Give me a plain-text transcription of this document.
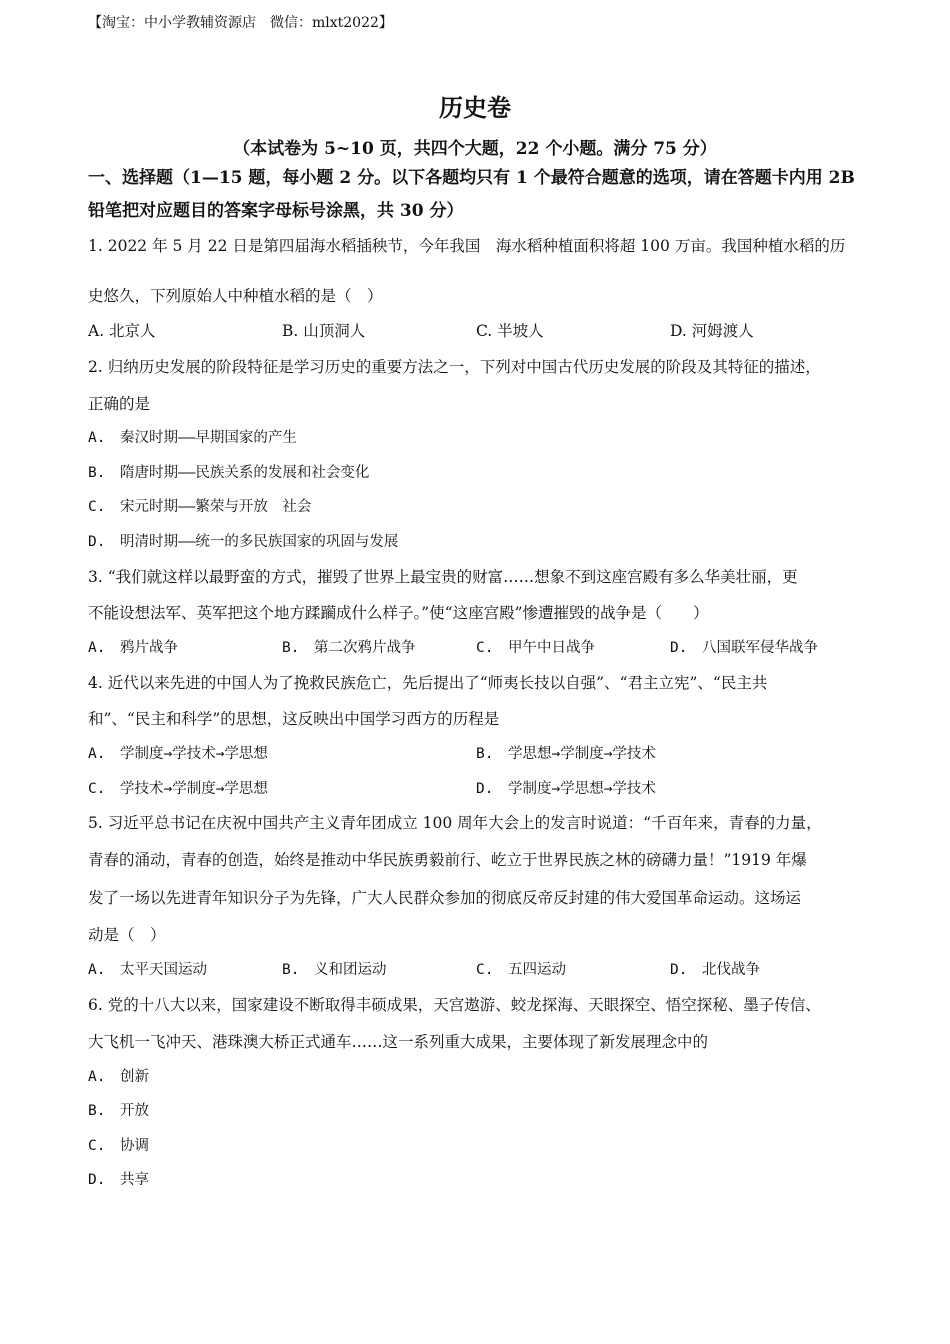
【淘宝：中小学教辅资源店　微信：mlxt2022】
历史卷
（本试卷为 5~10 页，共四个大题，22 个小题。满分 75 分）
一、选择题（1—15 题，每小题 2 分。以下各题均只有 1 个最符合题意的选项，请在答题卡内用 2B 铅笔把对应题目的答案字母标号涂黑，共 30 分）
1. 2022 年 5 月 22 日是第四届海水稻插秧节，今年我国　海水稻种植面积将超 100 万亩。我国种植水稻的历
史悠久，下列原始人中种植水稻的是（　）
A. 北京人	B. 山顶洞人	C. 半坡人	D. 河姆渡人
2. 归纳历史发展的阶段特征是学习历史的重要方法之一，下列对中国古代历史发展的阶段及其特征的描述，
正确的是
A.　秦汉时期——早期国家的产生
B.　隋唐时期——民族关系的发展和社会变化
C.　宋元时期——繁荣与开放　社会
D.　明清时期——统一的多民族国家的巩固与发展
3. “我们就这样以最野蛮的方式，摧毁了世界上最宝贵的财富……想象不到这座宫殿有多么华美壮丽，更
不能设想法军、英军把这个地方蹂躏成什么样子。”使“这座宫殿”惨遭摧毁的战争是（　　）
A.　鸦片战争	B.　第二次鸦片战争	C.　甲午中日战争	D.　八国联军侵华战争
4. 近代以来先进的中国人为了挽救民族危亡，先后提出了“师夷长技以自强”、“君主立宪”、“民主共
和”、“民主和科学”的思想，这反映出中国学习西方的历程是
A.　学制度→学技术→学思想	B.　学思想→学制度→学技术
C.　学技术→学制度→学思想	D.　学制度→学思想→学技术
5. 习近平总书记在庆祝中国共产主义青年团成立 100 周年大会上的发言时说道：“千百年来，青春的力量，
青春的涌动，青春的创造，始终是推动中华民族勇毅前行、屹立于世界民族之林的磅礴力量！”1919 年爆
发了一场以先进青年知识分子为先锋，广大人民群众参加的彻底反帝反封建的伟大爱国革命运动。这场运
动是（　）
A.　太平天国运动	B.　义和团运动	C.　五四运动	D.　北伐战争
6. 党的十八大以来，国家建设不断取得丰硕成果，天宫遨游、蛟龙探海、天眼探空、悟空探秘、墨子传信、
大飞机一飞冲天、港珠澳大桥正式通车……这一系列重大成果，主要体现了新发展理念中的
A.　创新
B.　开放
C.　协调
D.　共享
